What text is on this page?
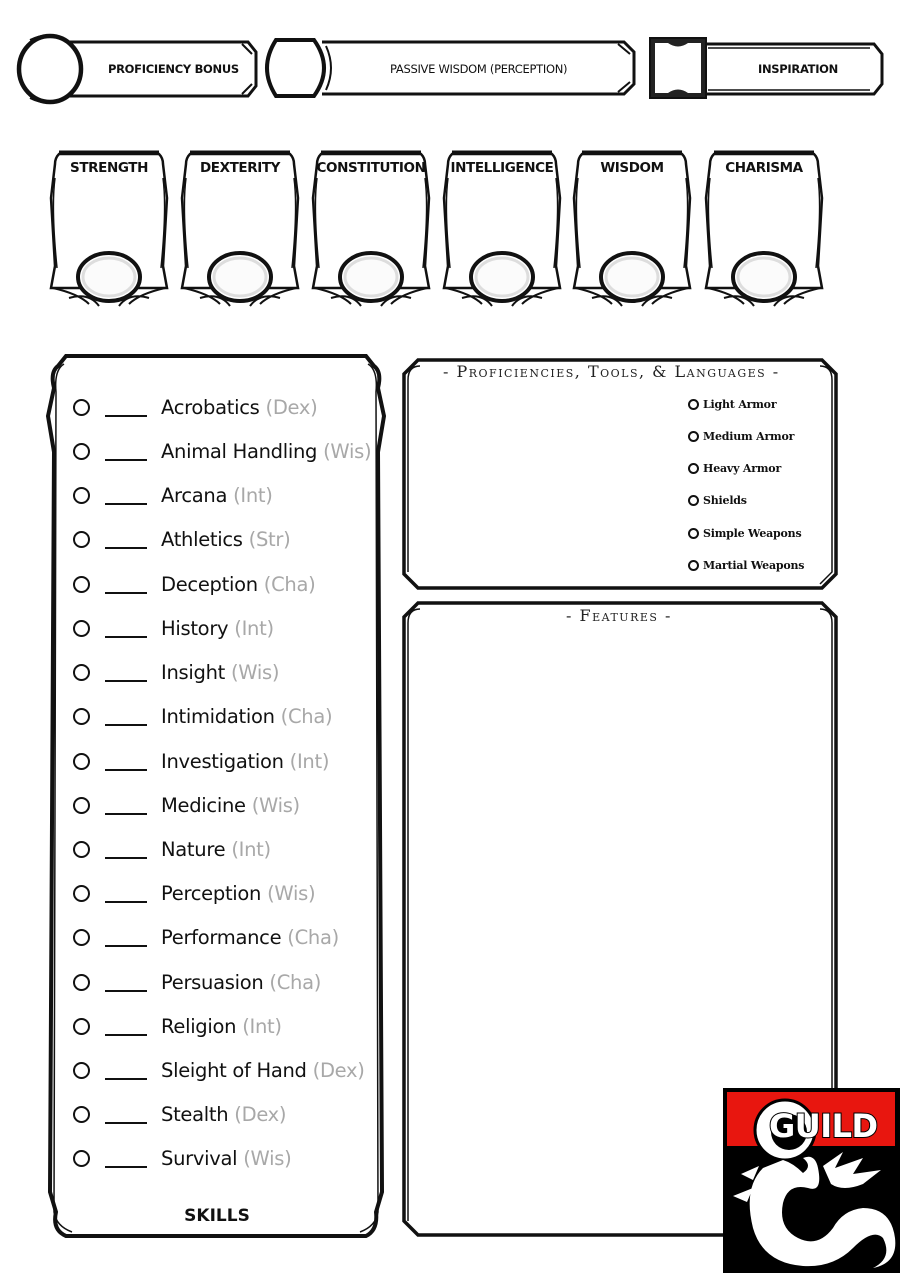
PROFICIENCY BONUS	PASSIVE WISDOM (PERCEPTION)	INSPIRATION
STRENGTH	DEXTERITY	CONSTITUTION	INTELLIGENCE	WISDOM	CHARISMA
Acrobatics (Dex)
Animal Handling (Wis)
Arcana (Int)
Athletics (Str)
Deception (Cha)
History (Int)
Insight (Wis)
Intimidation (Cha)
Investigation (Int)
Medicine (Wis)
Nature (Int)
Perception (Wis)
Performance (Cha)
Persuasion (Cha)
Religion (Int)
Sleight of Hand (Dex)
Stealth (Dex)
Survival (Wis)
SKILLS
- Proficiencies, Tools, & Languages -
Light Armor
Medium Armor
Heavy Armor
Shields
Simple Weapons
Martial Weapons
- Features -
GUILD
